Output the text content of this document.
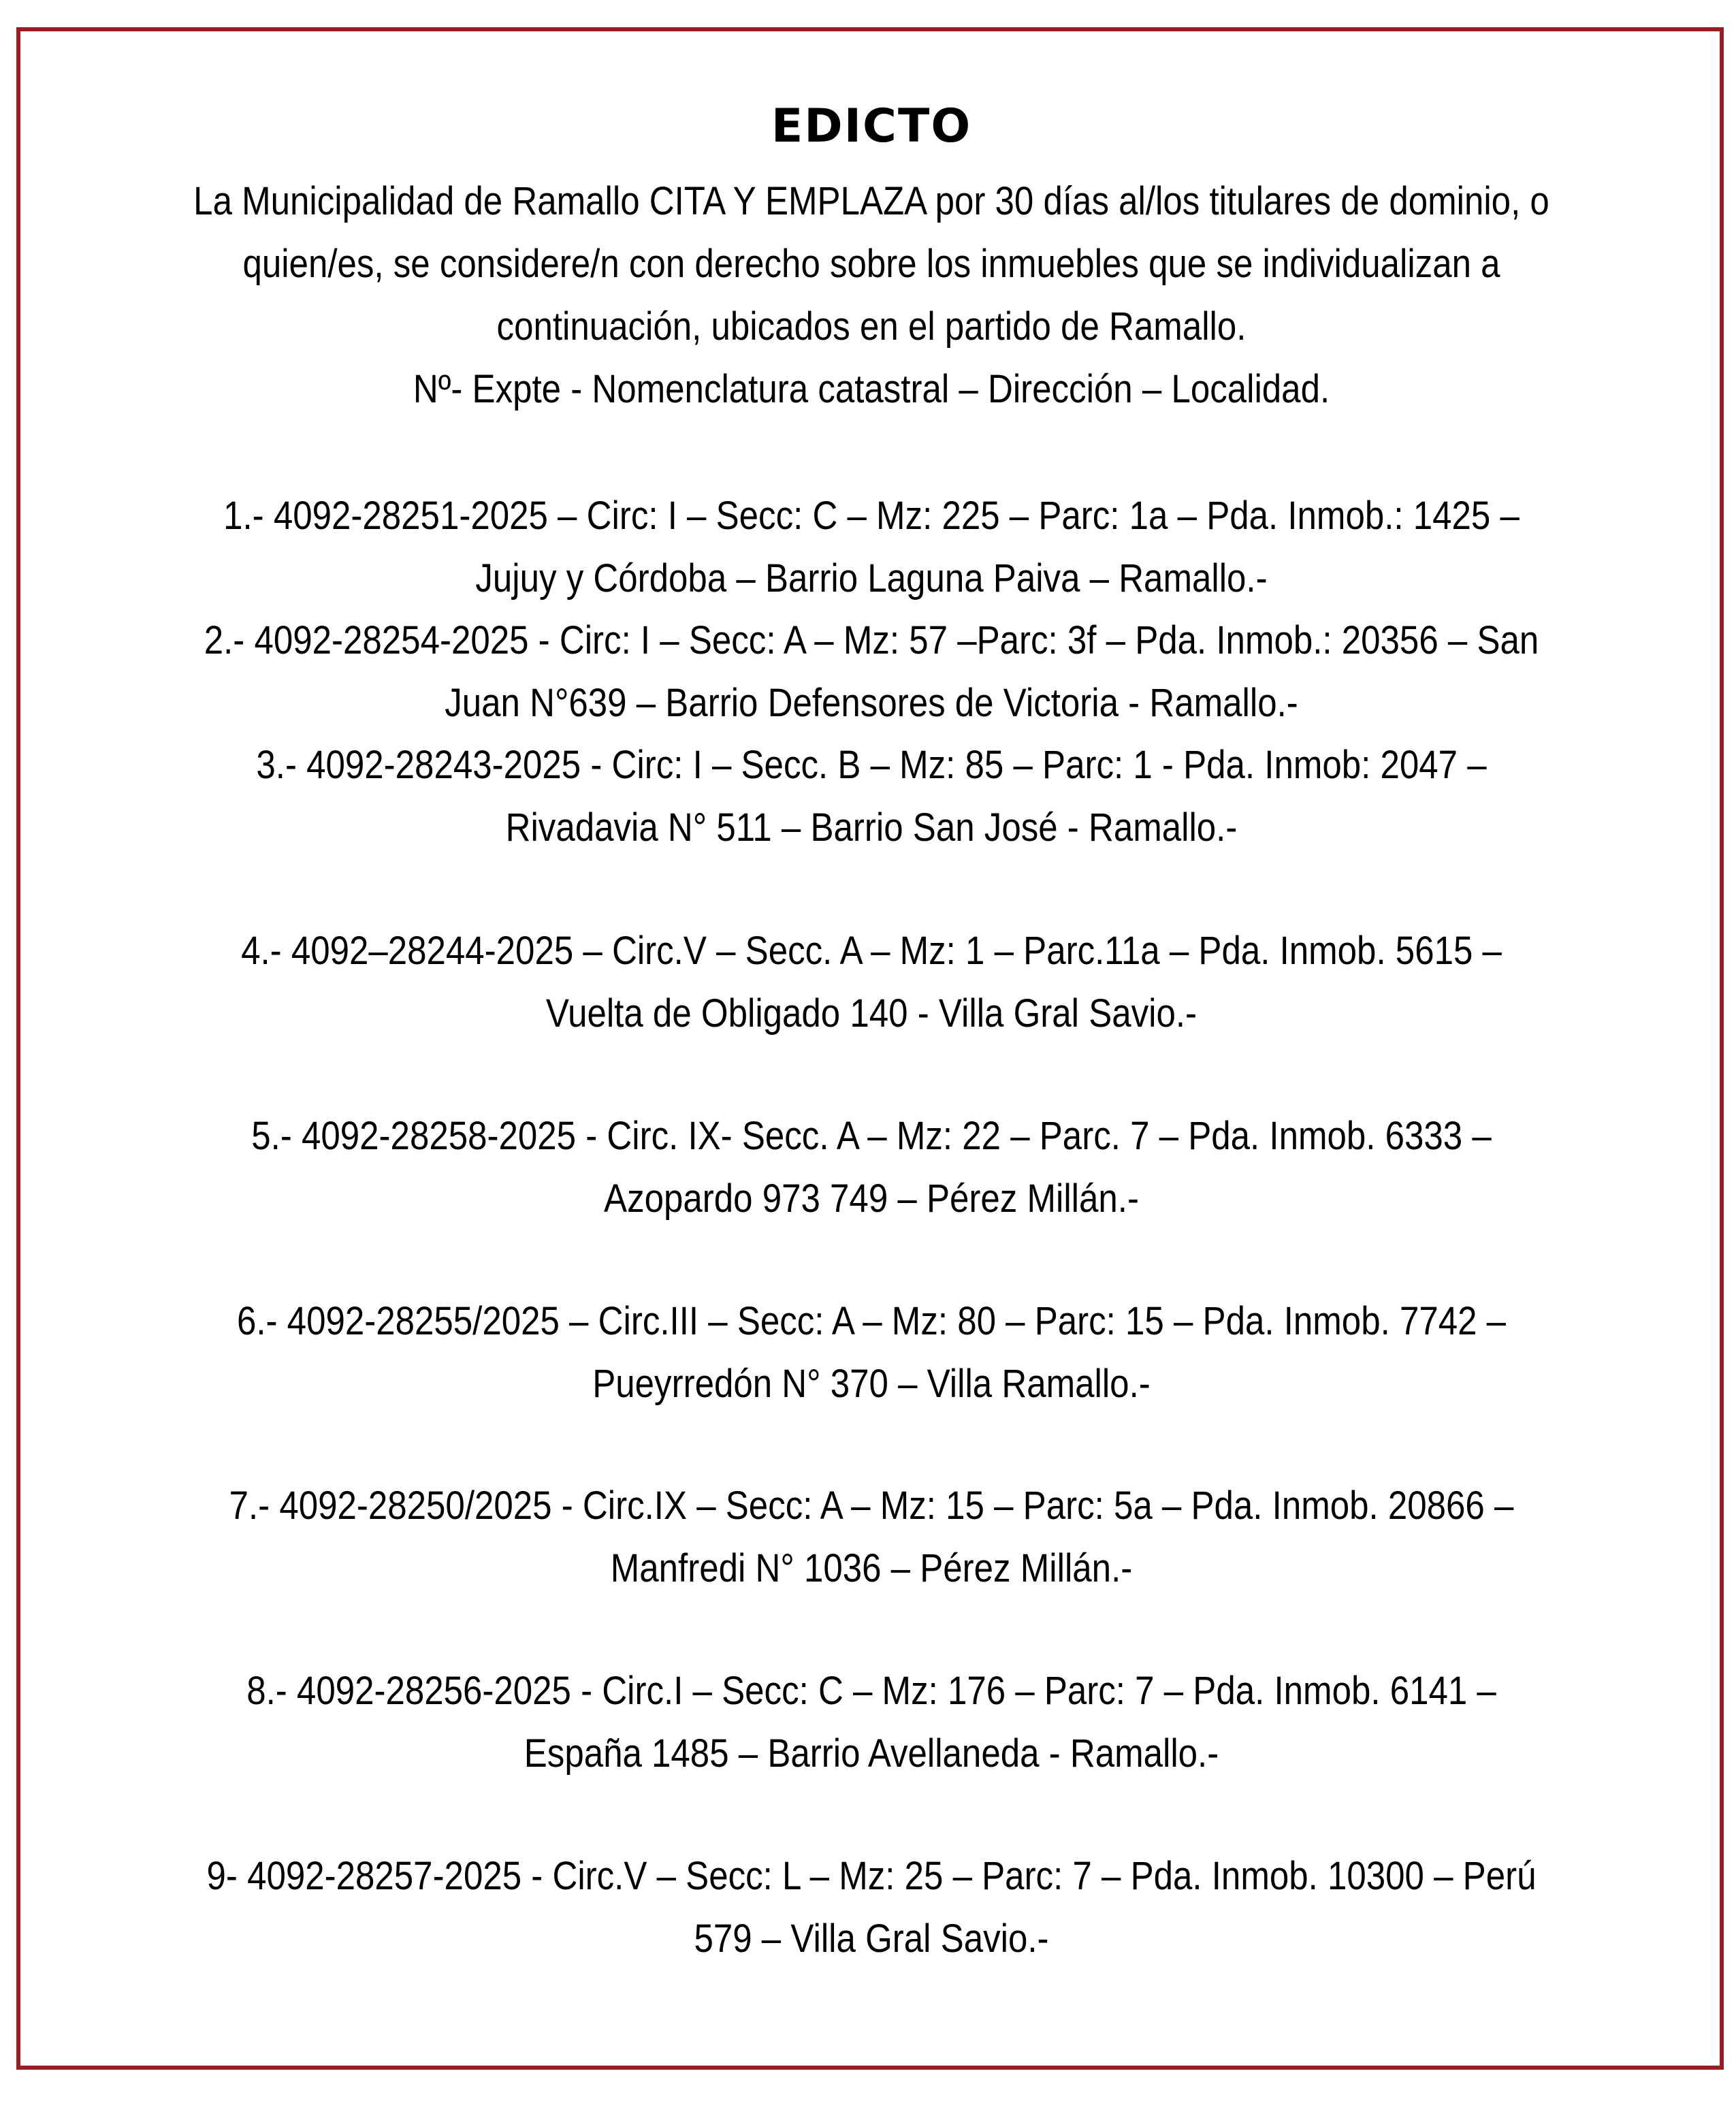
EDICTO
La Municipalidad de Ramallo CITA Y EMPLAZA por 30 días al/los titulares de dominio, o quien/es, se considere/n con derecho sobre los inmuebles que se individualizan a continuación, ubicados en el partido de Ramallo.
Nº- Expte - Nomenclatura catastral – Dirección – Localidad.
1.- 4092-28251-2025 – Circ: I – Secc: C – Mz: 225 – Parc: 1a – Pda. Inmob.: 1425 –
Jujuy y Córdoba – Barrio Laguna Paiva – Ramallo.-
2.- 4092-28254-2025 - Circ: I – Secc: A – Mz: 57 –Parc: 3f – Pda. Inmob.: 20356 – San
Juan N°639 – Barrio Defensores de Victoria - Ramallo.-
3.- 4092-28243-2025 - Circ: I – Secc. B – Mz: 85 – Parc: 1 - Pda. Inmob: 2047 –
Rivadavia N° 511 – Barrio San José - Ramallo.-
4.- 4092–28244-2025 – Circ.V – Secc. A – Mz: 1 – Parc.11a – Pda. Inmob. 5615 –
Vuelta de Obligado 140 - Villa Gral Savio.-
5.- 4092-28258-2025 - Circ. IX- Secc. A – Mz: 22 – Parc. 7 – Pda. Inmob. 6333 –
Azopardo 973 749 – Pérez Millán.-
6.- 4092-28255/2025 – Circ.III – Secc: A – Mz: 80 – Parc: 15 – Pda. Inmob. 7742 –
Pueyrredón N° 370 – Villa Ramallo.-
7.- 4092-28250/2025 - Circ.IX – Secc: A – Mz: 15 – Parc: 5a – Pda. Inmob. 20866 –
Manfredi N° 1036 – Pérez Millán.-
8.- 4092-28256-2025 - Circ.I – Secc: C – Mz: 176 – Parc: 7 – Pda. Inmob. 6141 –
España 1485 – Barrio Avellaneda - Ramallo.-
9- 4092-28257-2025 - Circ.V – Secc: L – Mz: 25 – Parc: 7 – Pda. Inmob. 10300 – Perú
579 – Villa Gral Savio.-
